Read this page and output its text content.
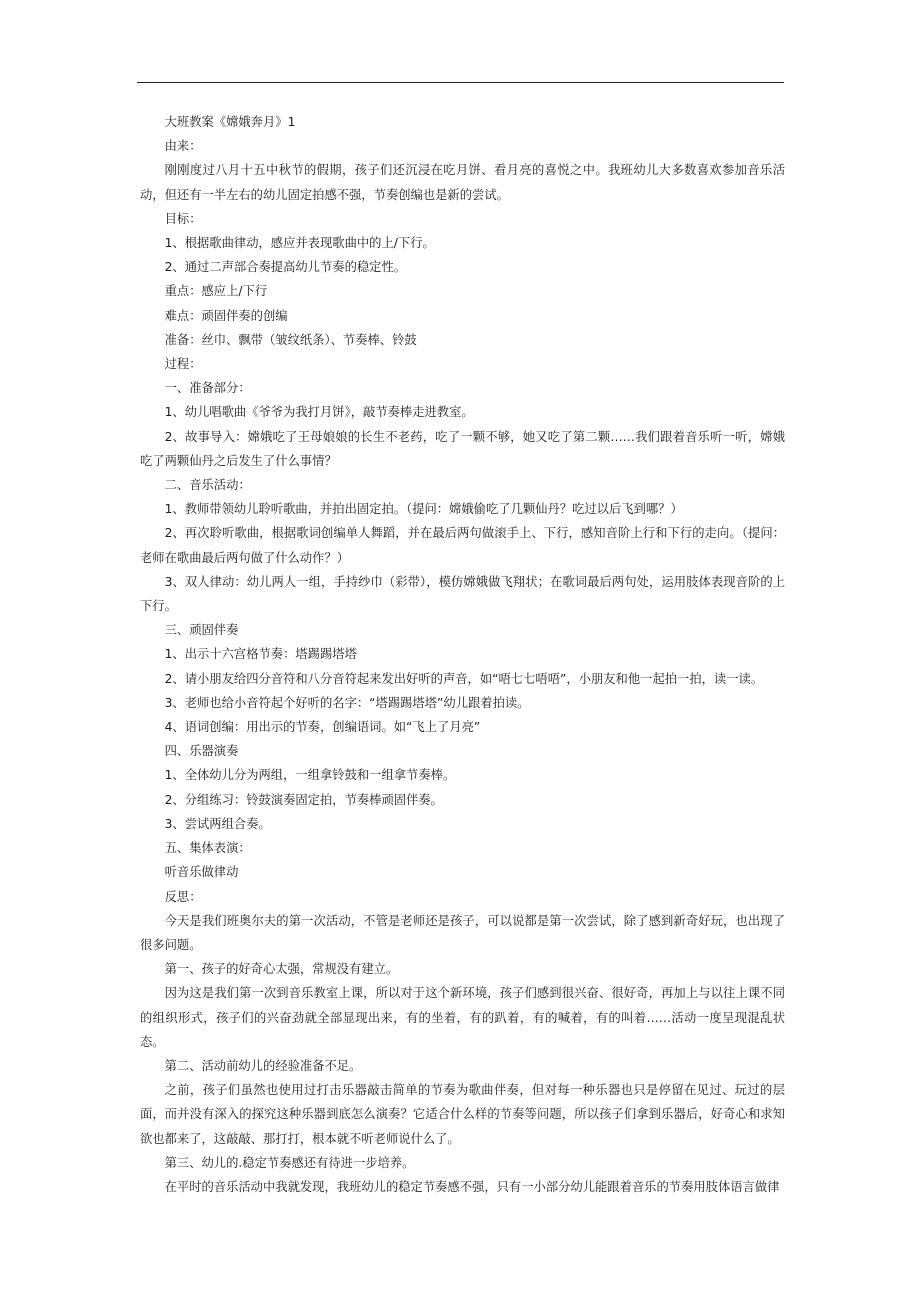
大班教案《嫦娥奔月》1

由来：

刚刚度过八月十五中秋节的假期，孩子们还沉浸在吃月饼、看月亮的喜悦之中。我班幼儿大多数喜欢参加音乐活动，但还有一半左右的幼儿固定拍感不强，节奏创编也是新的尝试。

目标：

1、根据歌曲律动，感应并表现歌曲中的上/下行。

2、通过二声部合奏提高幼儿节奏的稳定性。

重点：感应上/下行

难点：顽固伴奏的创编

准备：丝巾、飘带（皱纹纸条）、节奏棒、铃鼓

过程：

一、准备部分：

1、幼儿唱歌曲《爷爷为我打月饼》，敲节奏棒走进教室。

2、故事导入：嫦娥吃了王母娘娘的长生不老药，吃了一颗不够，她又吃了第二颗……我们跟着音乐听一听，嫦娥吃了两颗仙丹之后发生了什么事情？

二、音乐活动：

1、教师带领幼儿聆听歌曲，并拍出固定拍。（提问：嫦娥偷吃了几颗仙丹？吃过以后飞到哪？）

2、再次聆听歌曲，根据歌词创编单人舞蹈，并在最后两句做滚手上、下行，感知音阶上行和下行的走向。（提问：老师在歌曲最后两句做了什么动作？）

3、双人律动：幼儿两人一组，手持纱巾（彩带），模仿嫦娥做飞翔状；在歌词最后两句处，运用肢体表现音阶的上下行。

三、顽固伴奏

1、出示十六宫格节奏：塔踢踢塔塔

2、请小朋友给四分音符和八分音符起来发出好听的声音，如“唔七七唔唔”，小朋友和他一起拍一拍，读一读。

3、老师也给小音符起个好听的名字：“塔踢踢塔塔”幼儿跟着拍读。

4、语词创编：用出示的节奏，创编语词。如“飞上了月亮”

四、乐器演奏

1、全体幼儿分为两组，一组拿铃鼓和一组拿节奏棒。

2、分组练习：铃鼓演奏固定拍，节奏棒顽固伴奏。

3、尝试两组合奏。

五、集体表演：

听音乐做律动

反思：

今天是我们班奥尔夫的第一次活动，不管是老师还是孩子，可以说都是第一次尝试，除了感到新奇好玩，也出现了很多问题。

第一、孩子的好奇心太强，常规没有建立。

因为这是我们第一次到音乐教室上课，所以对于这个新环境，孩子们感到很兴奋、很好奇，再加上与以往上课不同的组织形式，孩子们的兴奋劲就全部显现出来，有的坐着，有的趴着，有的喊着，有的叫着……活动一度呈现混乱状态。

第二、活动前幼儿的经验准备不足。

之前，孩子们虽然也使用过打击乐器敲击简单的节奏为歌曲伴奏，但对每一种乐器也只是停留在见过、玩过的层面，而并没有深入的探究这种乐器到底怎么演奏？它适合什么样的节奏等问题，所以孩子们拿到乐器后，好奇心和求知欲也都来了，这敲敲、那打打，根本就不听老师说什么了。

第三、幼儿的.稳定节奏感还有待进一步培养。

在平时的音乐活动中我就发现，我班幼儿的稳定节奏感不强，只有一小部分幼儿能跟着音乐的节奏用肢体语言做律
